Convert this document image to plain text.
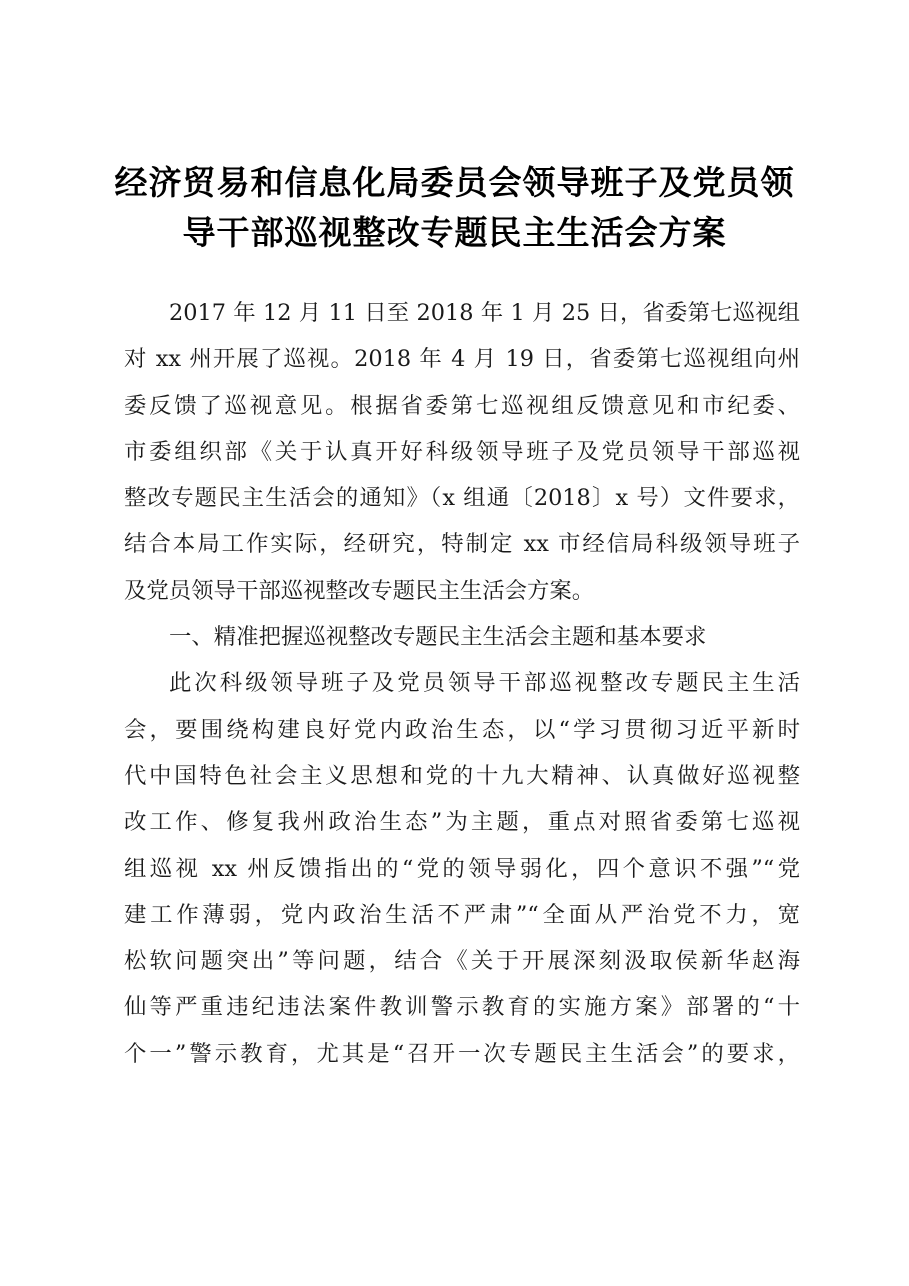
经济贸易和信息化局委员会领导班子及党员领
导干部巡视整改专题民主生活会方案

2017 年 12 月 11 日至 2018 年 1 月 25 日，省委第七巡视组
对 xx 州开展了巡视。2018 年 4 月 19 日，省委第七巡视组向州
委反馈了巡视意见。根据省委第七巡视组反馈意见和市纪委、
市委组织部《关于认真开好科级领导班子及党员领导干部巡视
整改专题民主生活会的通知》（x 组通〔2018〕x 号）文件要求，
结合本局工作实际，经研究，特制定 xx 市经信局科级领导班子
及党员领导干部巡视整改专题民主生活会方案。

一、精准把握巡视整改专题民主生活会主题和基本要求

此次科级领导班子及党员领导干部巡视整改专题民主生活
会，要围绕构建良好党内政治生态，以“学习贯彻习近平新时
代中国特色社会主义思想和党的十九大精神、认真做好巡视整
改工作、修复我州政治生态”为主题，重点对照省委第七巡视
组巡视 xx 州反馈指出的“党的领导弱化，四个意识不强”“党
建工作薄弱，党内政治生活不严肃”“全面从严治党不力，宽
松软问题突出”等问题，结合《关于开展深刻汲取侯新华赵海
仙等严重违纪违法案件教训警示教育的实施方案》部署的“十
个一”警示教育，尤其是“召开一次专题民主生活会”的要求，
